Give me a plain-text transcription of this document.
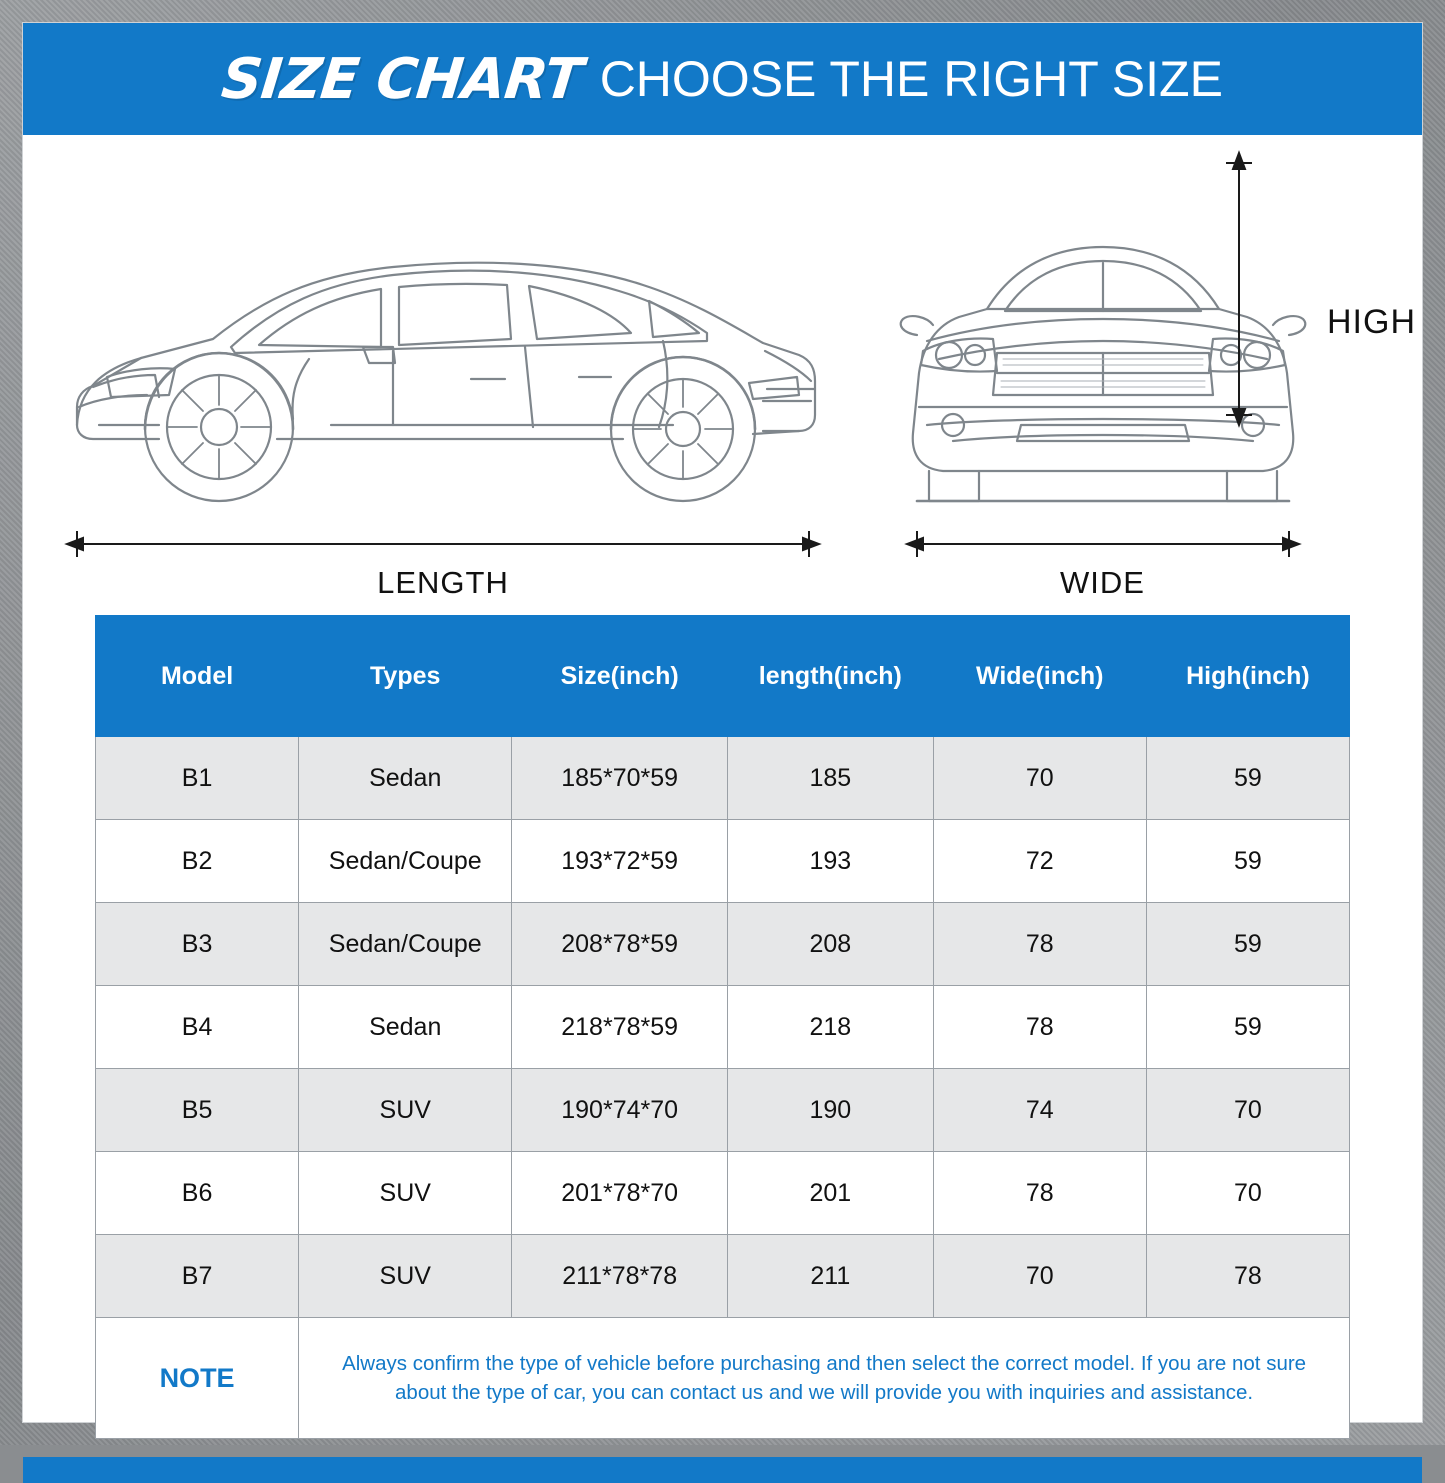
SIZE CHART CHOOSE THE RIGHT SIZE
LENGTH	WIDE
HIGH
Model	Types	Size(inch)	length(inch)	Wide(inch)	High(inch)
B1	Sedan	185*70*59	185	70	59
B2	Sedan/Coupe	193*72*59	193	72	59
B3	Sedan/Coupe	208*78*59	208	78	59
B4	Sedan	218*78*59	218	78	59
B5	SUV	190*74*70	190	74	70
B6	SUV	201*78*70	201	78	70
B7	SUV	211*78*78	211	70	78
NOTE	Always confirm the type of vehicle before purchasing and then select the correct model. If you are not sure about the type of car, you can contact us and we will provide you with inquiries and assistance.				
